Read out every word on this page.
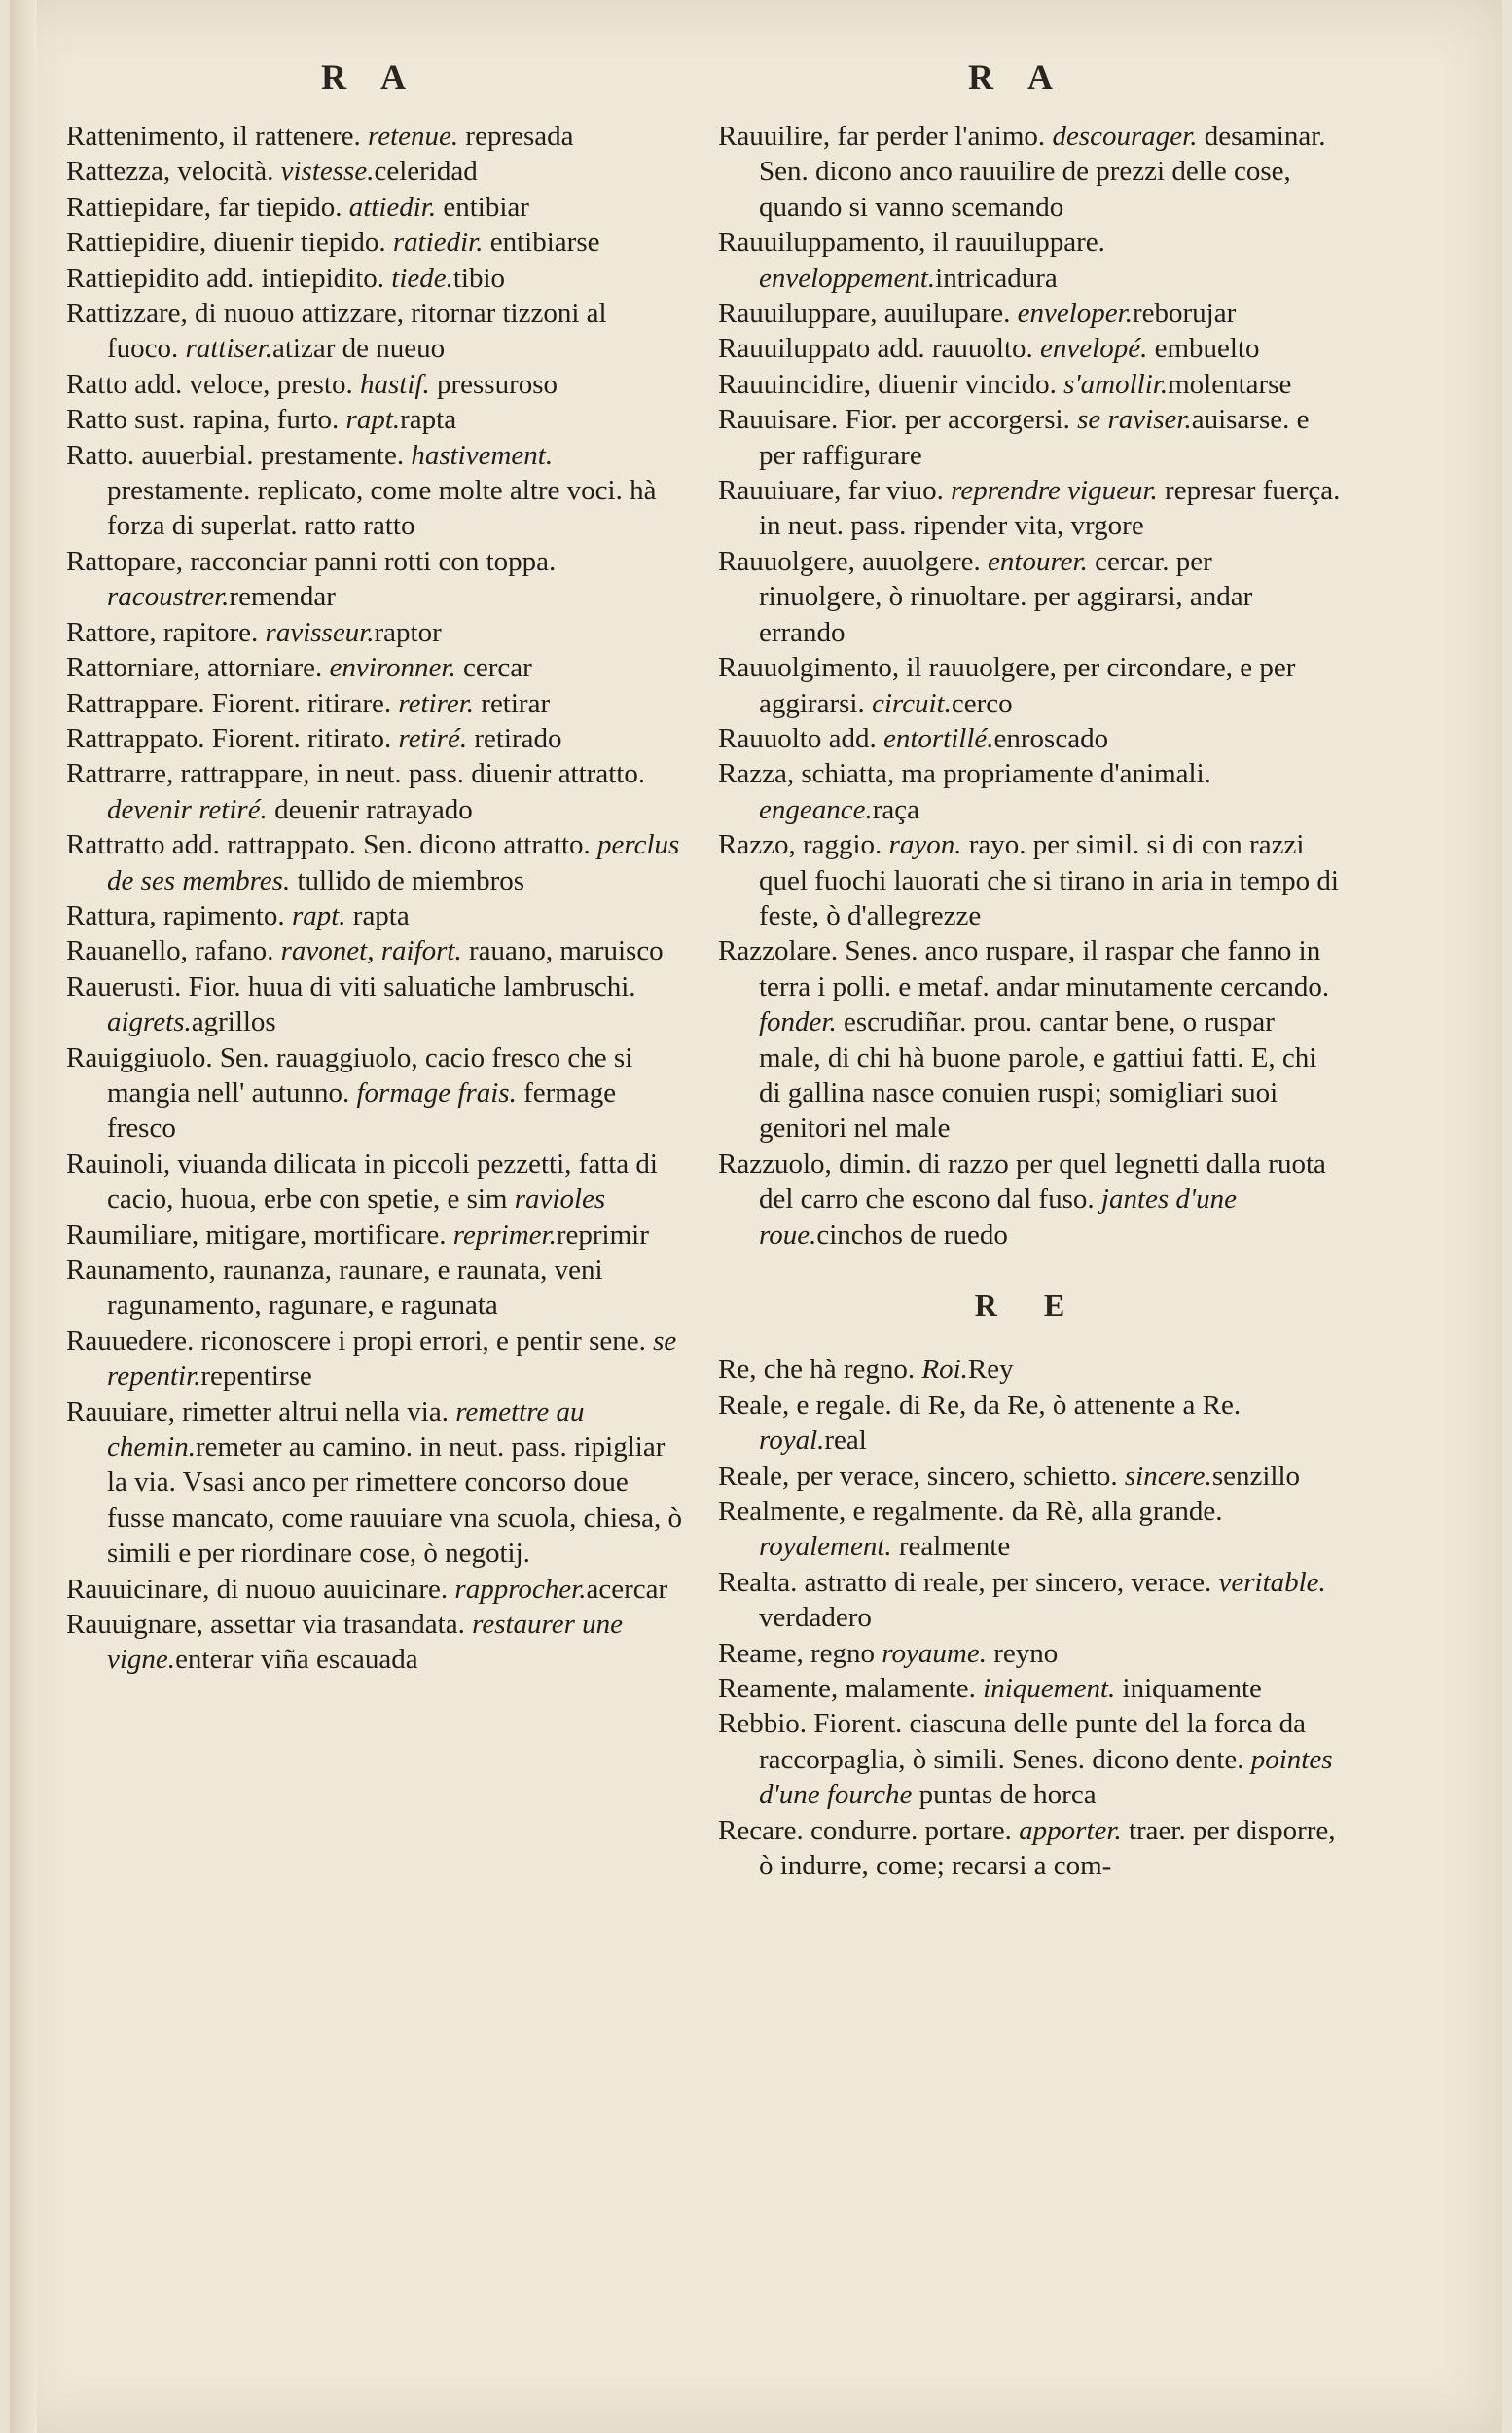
R A	R A
Rattenimento, il rattenere. retenue. represada
Rattezza, velocità. vistesse.celeridad
Rattiepidare, far tiepido. attiedir. entibiar
Rattiepidire, diuenir tiepido. ratiedir. entibiarse
Rattiepidito add. intiepidito. tiede.tibio
Rattizzare, di nuouo attizzare, ritornar tizzoni al fuoco. rattiser.atizar de nueuo
Ratto add. veloce, presto. hastif. pressuroso
Ratto sust. rapina, furto. rapt.rapta
Ratto. auuerbial. prestamente. hastivement. prestamente. replicato, come molte altre voci. hà forza di superlat. ratto ratto
Rattopare, racconciar panni rotti con toppa. racoustrer.remendar
Rattore, rapitore. ravisseur.raptor
Rattorniare, attorniare. environner. cercar
Rattrappare. Fiorent. ritirare. retirer. retirar
Rattrappato. Fiorent. ritirato. retiré. retirado
Rattrarre, rattrappare, in neut. pass. diuenir attratto. devenir retiré. deuenir ratrayado
Rattratto add. rattrappato. Sen. dicono attratto. perclus de ses membres. tullido de miembros
Rattura, rapimento. rapt. rapta
Rauanello, rafano. ravonet, raifort. rauano, maruisco
Rauerusti. Fior. huua di viti saluatiche lambruschi. aigrets.agrillos
Rauiggiuolo. Sen. rauaggiuolo, cacio fresco che si mangia nell' autunno. formage frais. fermage fresco
Rauinoli, viuanda dilicata in piccoli pezzetti, fatta di cacio, huoua, erbe con spetie, e sim ravioles
Raumiliare, mitigare, mortificare. reprimer.reprimir
Raunamento, raunanza, raunare, e raunata, veni ragunamento, ragunare, e ragunata
Rauuedere. riconoscere i propi errori, e pentir sene. se repentir.repentirse
Rauuiare, rimetter altrui nella via. remettre au chemin.remeter au camino. in neut. pass. ripigliar la via. Vsasi anco per rimettere concorso doue fusse mancato, come rauuiare vna scuola, chiesa, ò simili e per riordinare cose, ò negotij.
Rauuicinare, di nuouo auuicinare. rapprocher.acercar
Rauuignare, assettar via trasandata. restaurer une vigne.enterar viña escauada
Rauuilire, far perder l'animo. descourager. desaminar. Sen. dicono anco rauuilire de prezzi delle cose, quando si vanno scemando
Rauuiluppamento, il rauuiluppare. enveloppement.intricadura
Rauuiluppare, auuilupare. enveloper.reborujar
Rauuiluppato add. rauuolto. envelopé. embuelto
Rauuincidire, diuenir vincido. s'amollir.molentarse
Rauuisare. Fior. per accorgersi. se raviser.auisarse. e per raffigurare
Rauuiuare, far viuo. reprendre vigueur. represar fuerça. in neut. pass. ripender vita, vrgore
Rauuolgere, auuolgere. entourer. cercar. per rinuolgere, ò rinuoltare. per aggirarsi, andar errando
Rauuolgimento, il rauuolgere, per circondare, e per aggirarsi. circuit.cerco
Rauuolto add. entortillé.enroscado
Razza, schiatta, ma propriamente d'animali. engeance.raça
Razzo, raggio. rayon. rayo. per simil. si di con razzi quel fuochi lauorati che si tirano in aria in tempo di feste, ò d'allegrezze
Razzolare. Senes. anco ruspare, il raspar che fanno in terra i polli. e metaf. andar minutamente cercando. fonder. escrudiñar. prou. cantar bene, o ruspar male, di chi hà buone parole, e gattiui fatti. E, chi di gallina nasce conuien ruspi; somigliari suoi genitori nel male
Razzuolo, dimin. di razzo per quel legnetti dalla ruota del carro che escono dal fuso. jantes d'une roue.cinchos de ruedo
R E
Re, che hà regno. Roi.Rey
Reale, e regale. di Re, da Re, ò attenente a Re. royal.real
Reale, per verace, sincero, schietto. sincere.senzillo
Realmente, e regalmente. da Rè, alla grande. royalement. realmente
Realta. astratto di reale, per sincero, verace. veritable. verdadero
Reame, regno royaume. reyno
Reamente, malamente. iniquement. iniquamente
Rebbio. Fiorent. ciascuna delle punte del la forca da raccorpaglia, ò simili. Senes. dicono dente. pointes d'une fourche puntas de horca
Recare. condurre. portare. apporter. traer. per disporre, ò indurre, come; recarsi a com-
